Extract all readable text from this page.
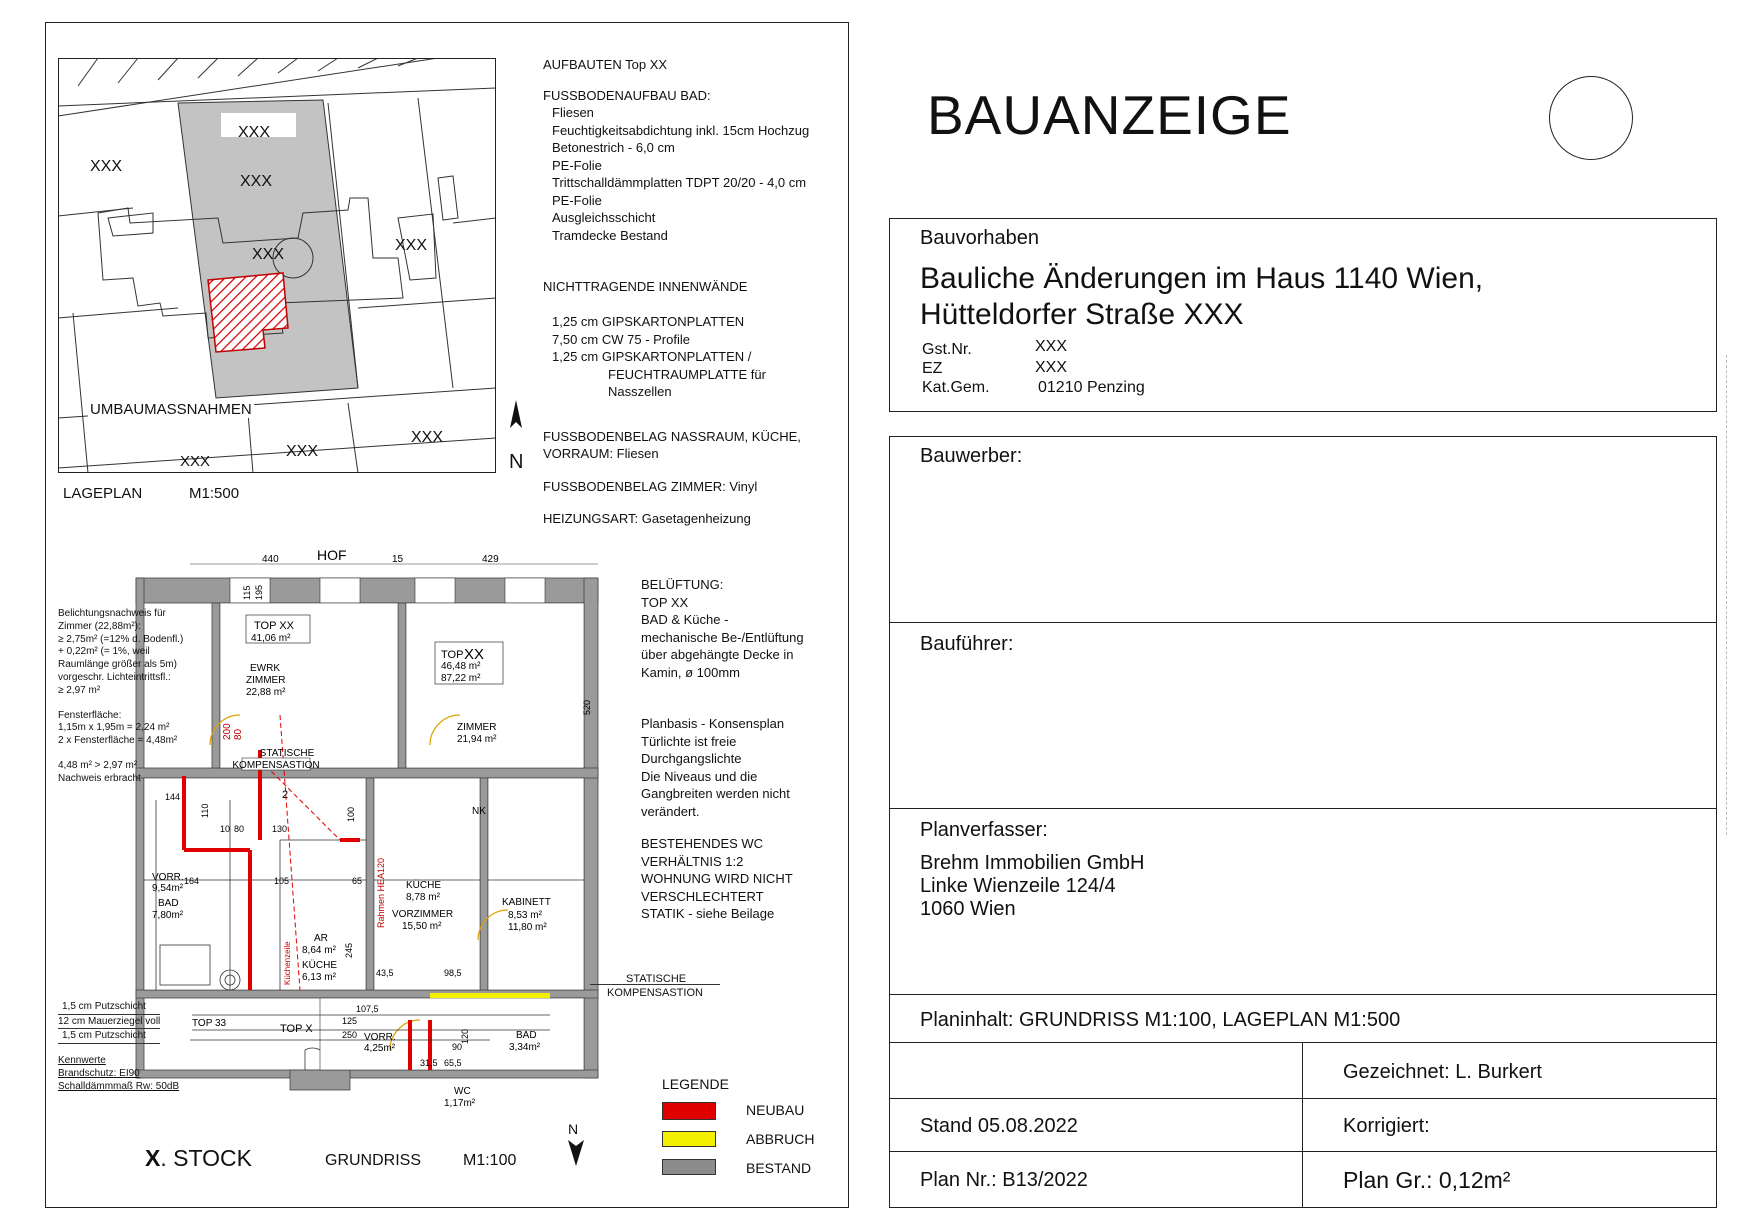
XXX
XXX
XXX
XXX
XXX
UMBAUMASSNAHMEN
XXX
XXX
XXX
LAGEPLAN	M1:500
N
AUFBAUTEN Top XX
FUSSBODENAUFBAU BAD:
Fliesen
Feuchtigkeitsabdichtung inkl. 15cm Hochzug
Betonestrich - 6,0 cm
PE-Folie
Trittschalldämmplatten TDPT 20/20 - 4,0 cm
PE-Folie
Ausgleichsschicht
Tramdecke Bestand
NICHTTRAGENDE INNENWÄNDE
1,25 cm GIPSKARTONPLATTEN
7,50 cm CW 75 - Profile
1,25 cm GIPSKARTONPLATTEN /
FEUCHTRAUMPLATTE für
Nasszellen
FUSSBODENBELAG NASSRAUM, KÜCHE,
VORRAUM: Fliesen
FUSSBODENBELAG ZIMMER: Vinyl
HEIZUNGSART: Gasetagenheizung
HOF
440	15	429
TOP XX
41,06 m²
EWRK
ZIMMER
22,88 m²
TOP XX
46,48 m²
87,22 m²
ZIMMER
21,94 m²
STATISCHE
KOMPENSASTION
VORR.
9,54m²
BAD
7,80m²
AR
8,64 m²
KÜCHE
6,13 m²
KÜCHE
8,78 m²
VORZIMMER
15,50 m²
KABINETT
8,53 m²
11,80 m²
VORR.
4,25m²
BAD
3,34m²
WC
1,17m²
TOP 33	TOP X
NK
Rahmen HEA120
Küchenzeile
115 195
520
200 80
144
110
10 80	130
100
164	105	65
245
43,5	98,5
107,5
125
250
90
31,5 65,5
120
2
STATISCHE
KOMPENSASTION
BELÜFTUNG:
TOP XX
BAD & Küche -
mechanische Be-/Entlüftung
über abgehängte Decke in
Kamin, ø 100mm
Planbasis - Konsensplan
Türlichte ist freie
Durchgangslichte
Die Niveaus und die
Gangbreiten werden nicht
verändert.
BESTEHENDES WC
VERHÄLTNIS 1:2
WOHNUNG WIRD NICHT
VERSCHLECHTERT
STATIK - siehe Beilage
Belichtungsnachweis für
Zimmer (22,88m²):
≥ 2,75m² (=12% d. Bodenfl.)
+ 0,22m² (= 1%, weil
Raumlänge größer als 5m)
vorgeschr. Lichteintrittsfl.:
≥ 2,97 m²
Fensterfläche:
1,15m x 1,95m = 2,24 m²
2 x Fensterfläche = 4,48m²
4,48 m² > 2,97 m²
Nachweis erbracht
1,5 cm Putzschicht
12 cm Mauerziegel voll
1,5 cm Putzschicht
Kennwerte
Brandschutz: EI90
Schalldämmmaß Rw: 50dB	LEGENDE
NEUBAU
ABBRUCH
BESTAND
X. STOCK	GRUNDRISS	M1:100
N
BAUANZEIGE
Bauvorhaben
Bauliche Änderungen im Haus 1140 Wien,
Hütteldorfer Straße XXX
Gst.Nr.	XXX
EZ	XXX
Kat.Gem.	01210 Penzing
Bauwerber:
Bauführer:
Planverfasser:
Brehm Immobilien GmbH
Linke Wienzeile 124/4
1060 Wien
Planinhalt: GRUNDRISS M1:100, LAGEPLAN M1:500
Gezeichnet: L. Burkert
Stand 05.08.2022	Korrigiert:
Plan Nr.: B13/2022	Plan Gr.: 0,12m²
